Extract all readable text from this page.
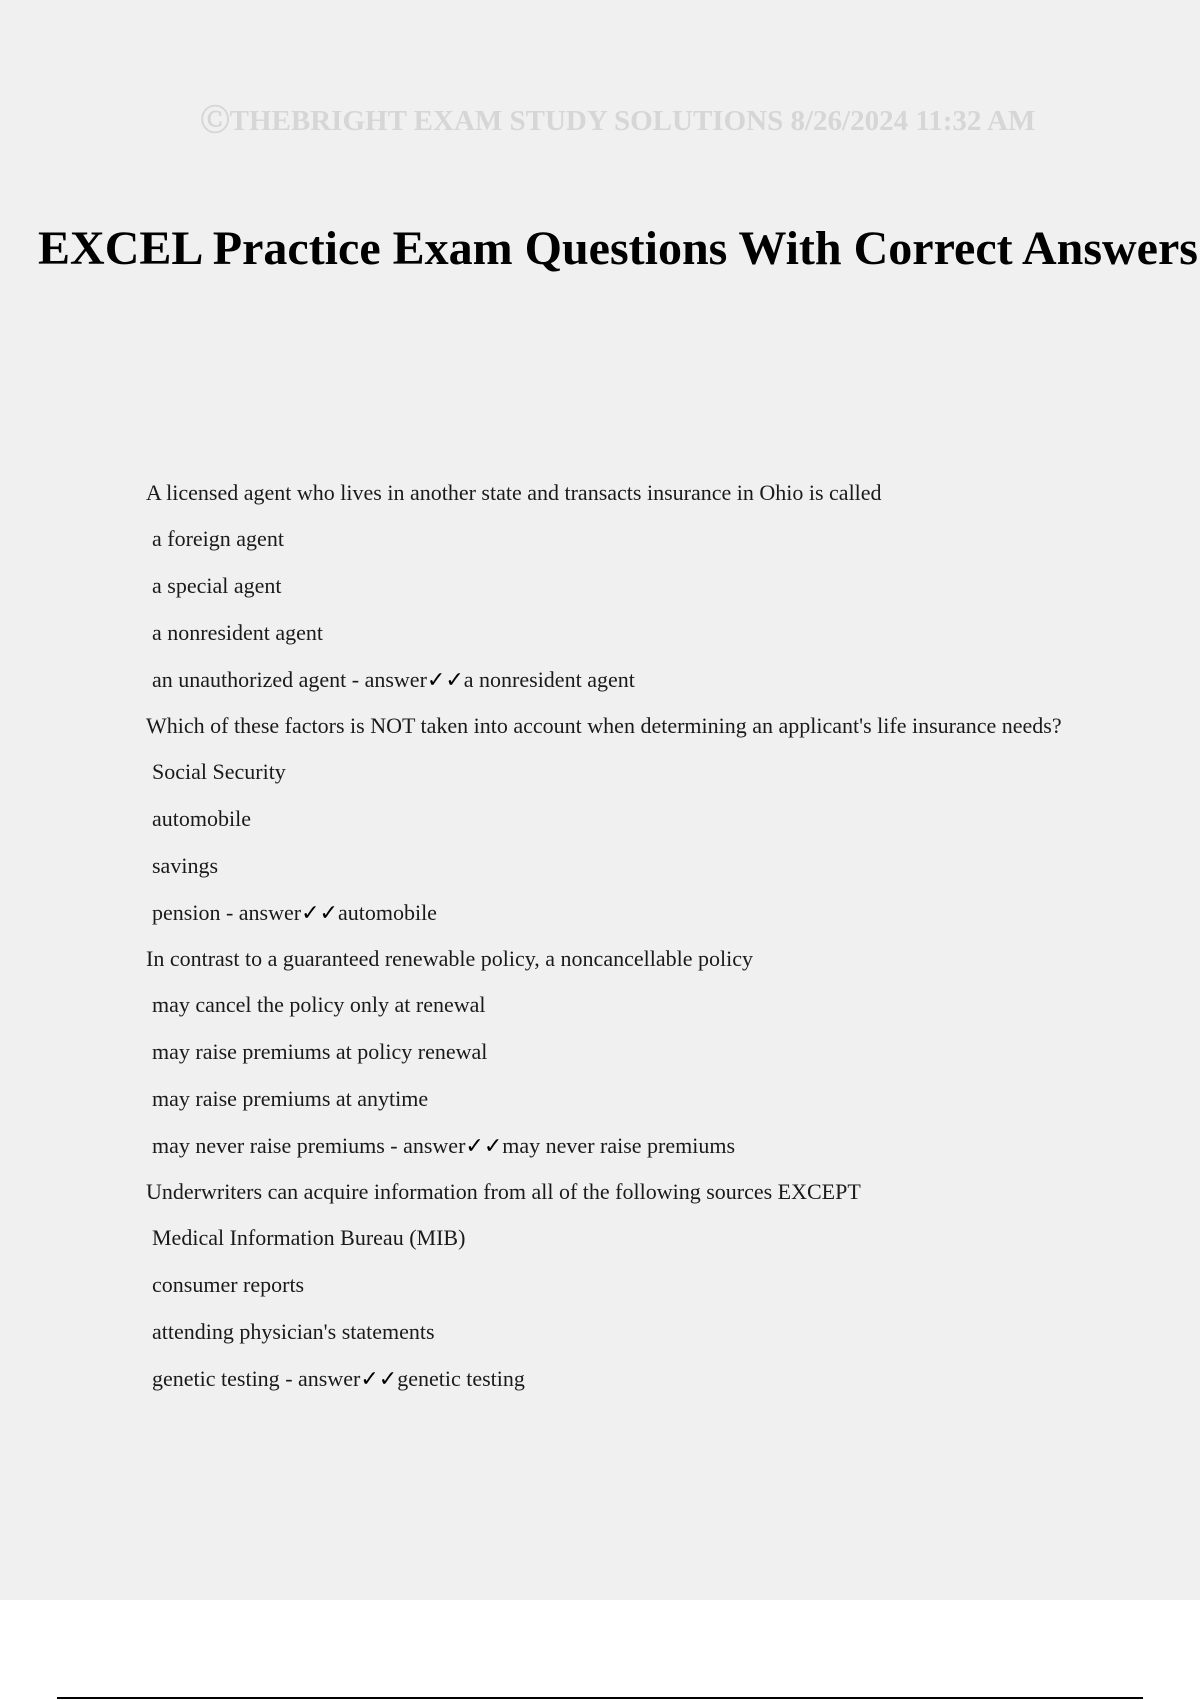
ⒸTHEBRIGHT EXAM STUDY SOLUTIONS 8/26/2024 11:32 AM
EXCEL Practice Exam Questions With Correct Answers

A licensed agent who lives in another state and transacts insurance in Ohio is called

a foreign agent

a special agent

a nonresident agent

an unauthorized agent - answer✓✓a nonresident agent

Which of these factors is NOT taken into account when determining an applicant's life insurance needs?

Social Security

automobile

savings

pension - answer✓✓automobile

In contrast to a guaranteed renewable policy, a noncancellable policy

may cancel the policy only at renewal

may raise premiums at policy renewal

may raise premiums at anytime

may never raise premiums - answer✓✓may never raise premiums

Underwriters can acquire information from all of the following sources EXCEPT

Medical Information Bureau (MIB)

consumer reports

attending physician's statements

genetic testing - answer✓✓genetic testing
